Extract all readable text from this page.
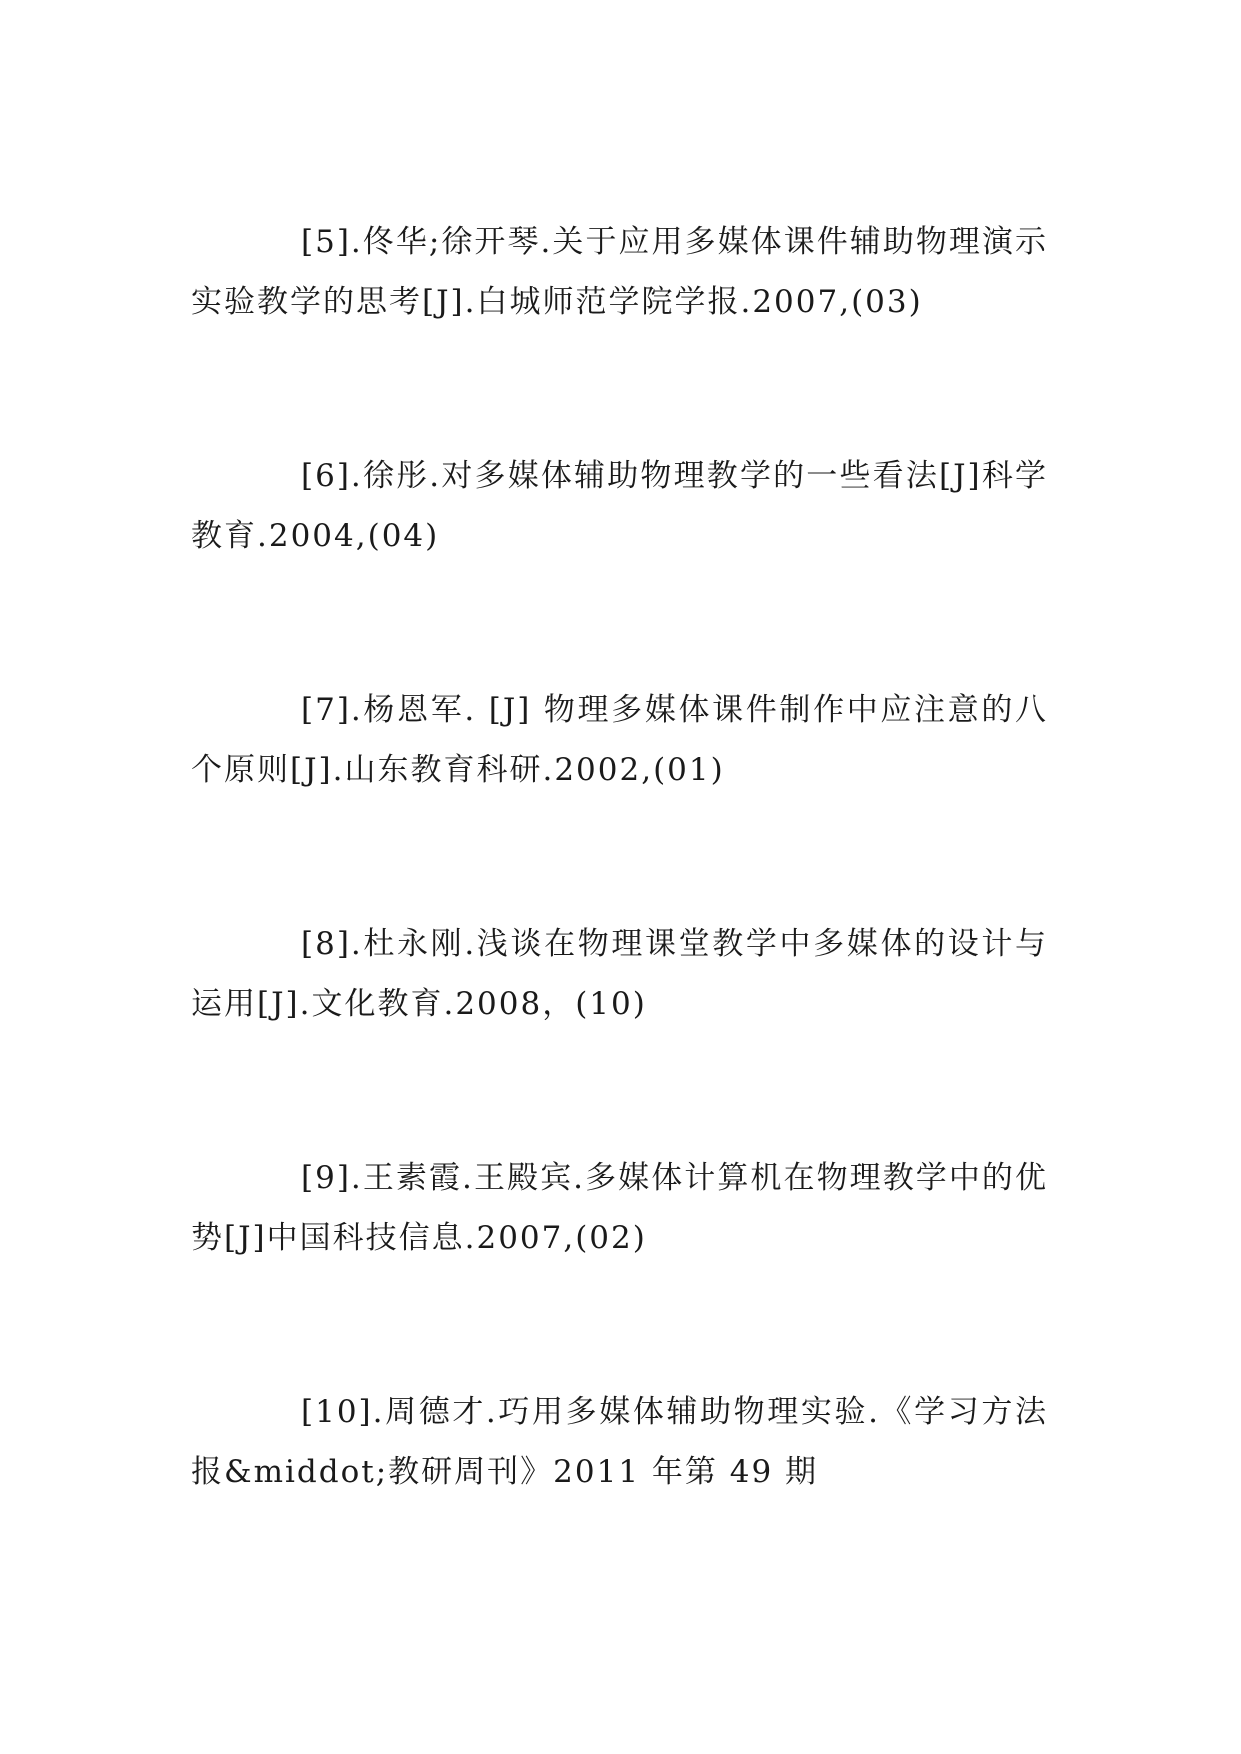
[5].佟华;徐开琴.关于应用多媒体课件辅助物理演示实验教学的思考[J].白城师范学院学报.2007,(03)

[6].徐彤.对多媒体辅助物理教学的一些看法[J]科学教育.2004,(04)

[7].杨恩军. [J] 物理多媒体课件制作中应注意的八个原则[J].山东教育科研.2002,(01)

[8].杜永刚.浅谈在物理课堂教学中多媒体的设计与运用[J].文化教育.2008，(10)

[9].王素霞.王殿宾.多媒体计算机在物理教学中的优势[J]中国科技信息.2007,(02)

[10].周德才.巧用多媒体辅助物理实验.《学习方法报&middot;教研周刊》2011 年第 49 期
